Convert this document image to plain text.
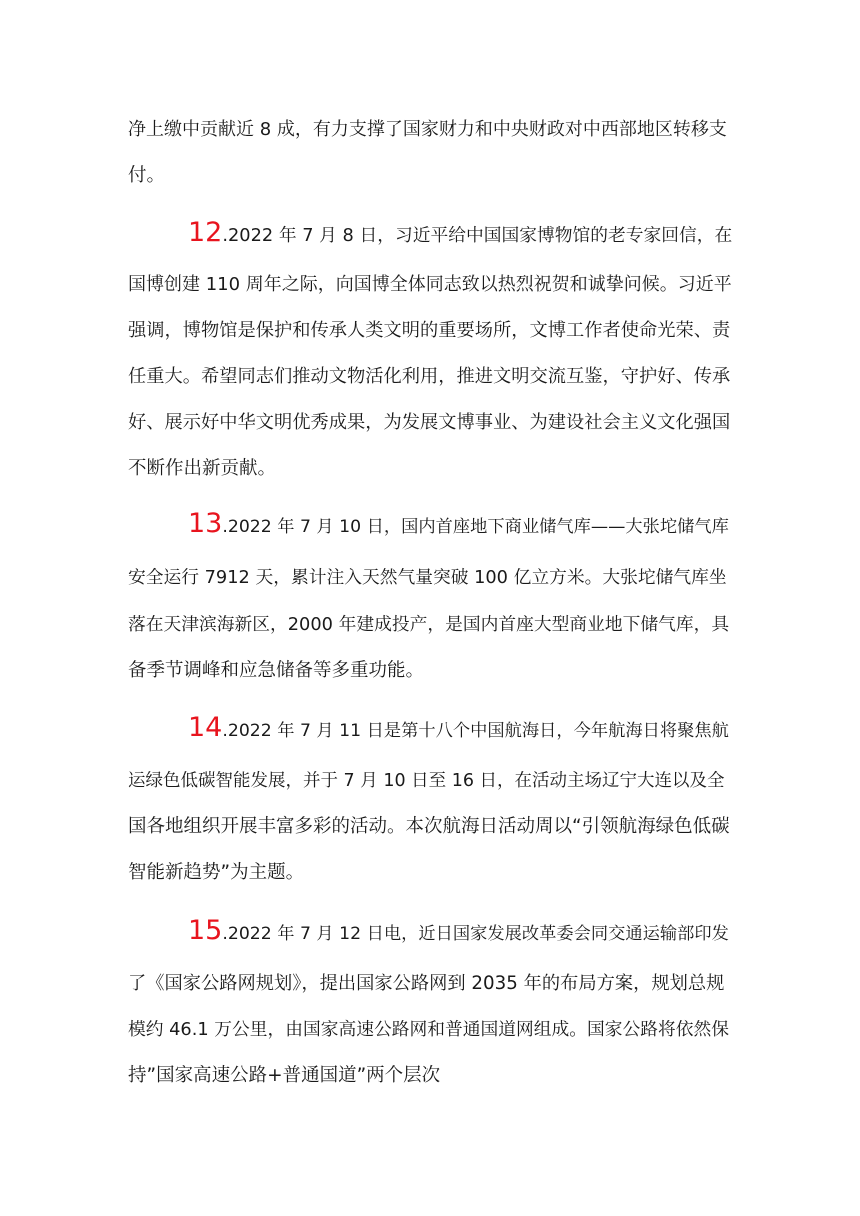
净上缴中贡献近 8 成，有力支撑了国家财力和中央财政对中西部地区转移支
付。
12.2022 年 7 月 8 日，习近平给中国国家博物馆的老专家回信，在
国博创建 110 周年之际，向国博全体同志致以热烈祝贺和诚挚问候。习近平
强调，博物馆是保护和传承人类文明的重要场所，文博工作者使命光荣、责
任重大。希望同志们推动文物活化利用，推进文明交流互鉴，守护好、传承
好、展示好中华文明优秀成果，为发展文博事业、为建设社会主义文化强国
不断作出新贡献。
13.2022 年 7 月 10 日，国内首座地下商业储气库——大张坨储气库
安全运行 7912 天，累计注入天然气量突破 100 亿立方米。大张坨储气库坐
落在天津滨海新区，2000 年建成投产，是国内首座大型商业地下储气库，具
备季节调峰和应急储备等多重功能。
14.2022 年 7 月 11 日是第十八个中国航海日，今年航海日将聚焦航
运绿色低碳智能发展，并于 7 月 10 日至 16 日，在活动主场辽宁大连以及全
国各地组织开展丰富多彩的活动。本次航海日活动周以“引领航海绿色低碳
智能新趋势”为主题。
15.2022 年 7 月 12 日电，近日国家发展改革委会同交通运输部印发
了《国家公路网规划》，提出国家公路网到 2035 年的布局方案，规划总规
模约 46.1 万公里，由国家高速公路网和普通国道网组成。国家公路将依然保
持”国家高速公路+普通国道”两个层次
